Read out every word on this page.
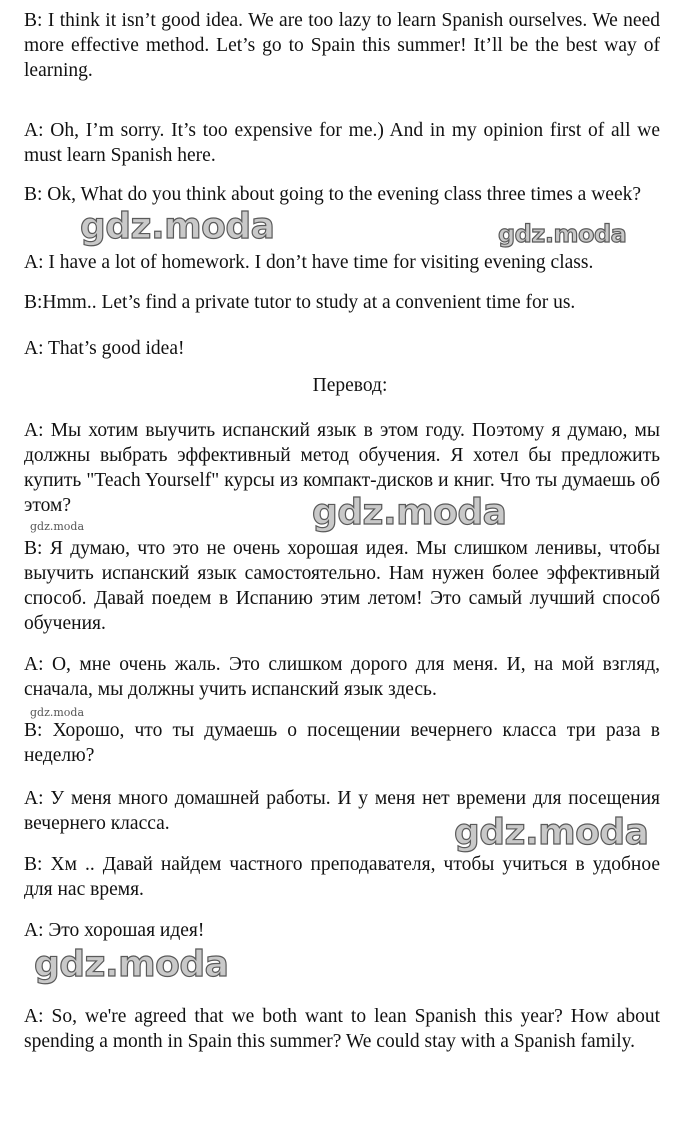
B: I think it isn’t good idea. We are too lazy to learn Spanish ourselves. We need more effective method. Let’s go to Spain this summer! It’ll be the best way of learning.

A: Oh, I’m sorry. It’s too expensive for me.) And in my opinion first of all we must learn Spanish here.

B: Ok, What do you think about going to the evening class three times a week?

A: I have a lot of homework. I don’t have time for visiting evening class.

B:Hmm.. Let’s find a private tutor to study at a convenient time for us.

A: That’s good idea!

Перевод:

А: Мы хотим выучить испанский язык в этом году. Поэтому я думаю, мы должны выбрать эффективный метод обучения. Я хотел бы предложить купить "Teach Yourself" курсы из компакт-дисков и книг. Что ты думаешь об этом?

В: Я думаю, что это не очень хорошая идея. Мы слишком ленивы, чтобы выучить испанский язык самостоятельно. Нам нужен более эффективный способ. Давай поедем в Испанию этим летом! Это самый лучший способ обучения.

А: О, мне очень жаль. Это слишком дорого для меня. И, на мой взгляд, сначала, мы должны учить испанский язык здесь.

В: Хорошо, что ты думаешь о посещении вечернего класса три раза в неделю?

А: У меня много домашней работы. И у меня нет времени для посещения вечернего класса.

В: Хм .. Давай найдем частного преподавателя, чтобы учиться в удобное для нас время.

А: Это хорошая идея!

A: So, we're agreed that we both want to lean Spanish this year? How about spending a month in Spain this summer? We could stay with a Spanish family.

gdz.moda	gdz.moda
gdz.moda	gdz.moda
gdz.moda
gdz.moda
gdz.moda
